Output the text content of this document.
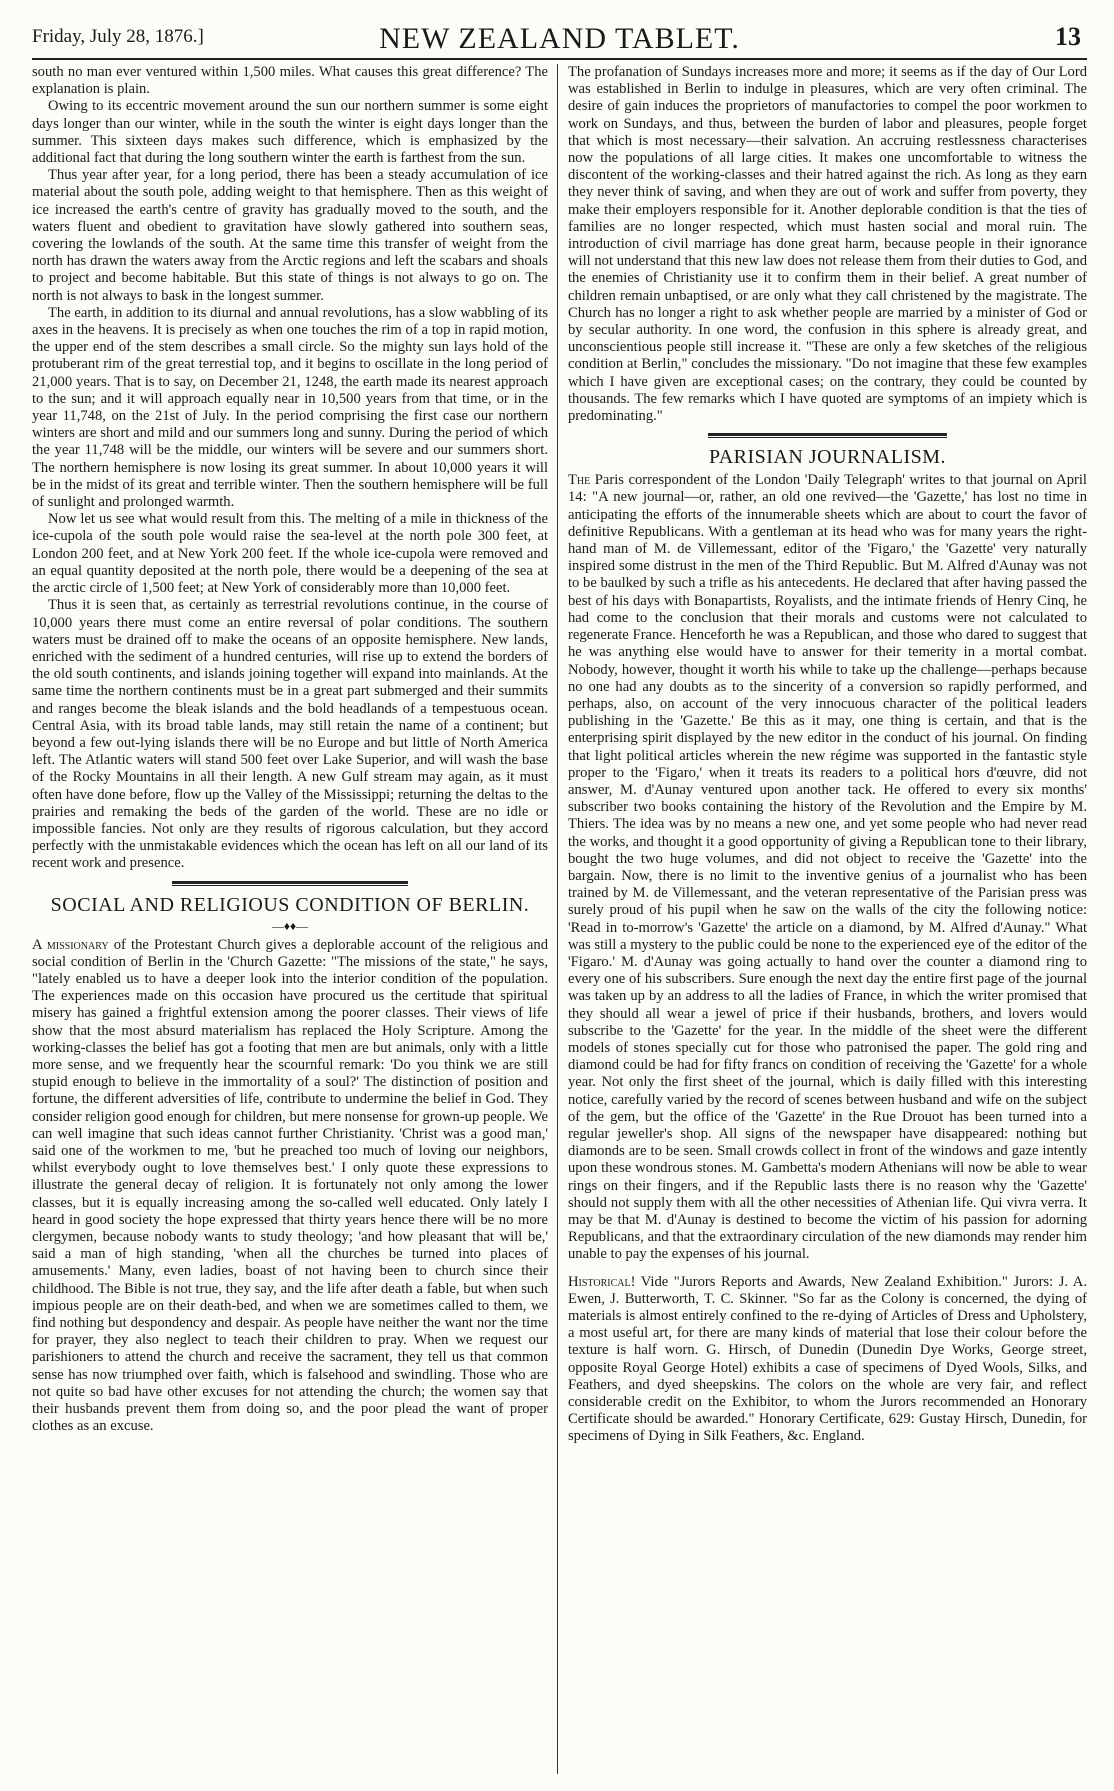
Friday, July 28, 1876.]	NEW ZEALAND TABLET.	13

south no man ever ventured within 1,500 miles. What causes this great difference? The explanation is plain.

Owing to its eccentric movement around the sun our northern summer is some eight days longer than our winter, while in the south the winter is eight days longer than the summer. This sixteen days makes such difference, which is emphasized by the additional fact that during the long southern winter the earth is farthest from the sun.

Thus year after year, for a long period, there has been a steady accumulation of ice material about the south pole, adding weight to that hemisphere. Then as this weight of ice increased the earth's centre of gravity has gradually moved to the south, and the waters fluent and obedient to gravitation have slowly gathered into southern seas, covering the lowlands of the south. At the same time this transfer of weight from the north has drawn the waters away from the Arctic regions and left the scabars and shoals to project and become habitable. But this state of things is not always to go on. The north is not always to bask in the longest summer.

The earth, in addition to its diurnal and annual revolutions, has a slow wabbling of its axes in the heavens. It is precisely as when one touches the rim of a top in rapid motion, the upper end of the stem describes a small circle. So the mighty sun lays hold of the protuberant rim of the great terrestial top, and it begins to oscillate in the long period of 21,000 years. That is to say, on December 21, 1248, the earth made its nearest approach to the sun; and it will approach equally near in 10,500 years from that time, or in the year 11,748, on the 21st of July. In the period comprising the first case our northern winters are short and mild and our summers long and sunny. During the period of which the year 11,748 will be the middle, our winters will be severe and our summers short. The northern hemisphere is now losing its great summer. In about 10,000 years it will be in the midst of its great and terrible winter. Then the southern hemisphere will be full of sunlight and prolonged warmth.

Now let us see what would result from this. The melting of a mile in thickness of the ice-cupola of the south pole would raise the sea-level at the north pole 300 feet, at London 200 feet, and at New York 200 feet. If the whole ice-cupola were removed and an equal quantity deposited at the north pole, there would be a deepening of the sea at the arctic circle of 1,500 feet; at New York of considerably more than 10,000 feet.

Thus it is seen that, as certainly as terrestrial revolutions continue, in the course of 10,000 years there must come an entire reversal of polar conditions. The southern waters must be drained off to make the oceans of an opposite hemisphere. New lands, enriched with the sediment of a hundred centuries, will rise up to extend the borders of the old south continents, and islands joining together will expand into mainlands. At the same time the northern continents must be in a great part submerged and their summits and ranges become the bleak islands and the bold headlands of a tempestuous ocean. Central Asia, with its broad table lands, may still retain the name of a continent; but beyond a few out-lying islands there will be no Europe and but little of North America left. The Atlantic waters will stand 500 feet over Lake Superior, and will wash the base of the Rocky Mountains in all their length. A new Gulf stream may again, as it must often have done before, flow up the Valley of the Mississippi; returning the deltas to the prairies and remaking the beds of the garden of the world. These are no idle or impossible fancies. Not only are they results of rigorous calculation, but they accord perfectly with the unmistakable evidences which the ocean has left on all our land of its recent work and presence.

SOCIAL AND RELIGIOUS CONDITION OF BERLIN.
—♦♦—

A missionary of the Protestant Church gives a deplorable account of the religious and social condition of Berlin in the 'Church Gazette: "The missions of the state," he says, "lately enabled us to have a deeper look into the interior condition of the population. The experiences made on this occasion have procured us the certitude that spiritual misery has gained a frightful extension among the poorer classes. Their views of life show that the most absurd materialism has replaced the Holy Scripture. Among the working-classes the belief has got a footing that men are but animals, only with a little more sense, and we frequently hear the scournful remark: 'Do you think we are still stupid enough to believe in the immortality of a soul?' The distinction of position and fortune, the different adversities of life, contribute to undermine the belief in God. They consider religion good enough for children, but mere nonsense for grown-up people. We can well imagine that such ideas cannot further Christianity. 'Christ was a good man,' said one of the workmen to me, 'but he preached too much of loving our neighbors, whilst everybody ought to love themselves best.' I only quote these expressions to illustrate the general decay of religion. It is fortunately not only among the lower classes, but it is equally increasing among the so-called well educated. Only lately I heard in good society the hope expressed that thirty years hence there will be no more clergymen, because nobody wants to study theology; 'and how pleasant that will be,' said a man of high standing, 'when all the churches be turned into places of amusements.' Many, even ladies, boast of not having been to church since their childhood. The Bible is not true, they say, and the life after death a fable, but when such impious people are on their death-bed, and when we are sometimes called to them, we find nothing but despondency and despair. As people have neither the want nor the time for prayer, they also neglect to teach their children to pray. When we request our parishioners to attend the church and receive the sacrament, they tell us that common sense has now triumphed over faith, which is falsehood and swindling. Those who are not quite so bad have other excuses for not attending the church; the women say that their husbands prevent them from doing so, and the poor plead the want of proper clothes as an excuse.

The profanation of Sundays increases more and more; it seems as if the day of Our Lord was established in Berlin to indulge in pleasures, which are very often criminal. The desire of gain induces the proprietors of manufactories to compel the poor workmen to work on Sundays, and thus, between the burden of labor and pleasures, people forget that which is most necessary—their salvation. An accruing restlessness characterises now the populations of all large cities. It makes one uncomfortable to witness the discontent of the working-classes and their hatred against the rich. As long as they earn they never think of saving, and when they are out of work and suffer from poverty, they make their employers responsible for it. Another deplorable condition is that the ties of families are no longer respected, which must hasten social and moral ruin. The introduction of civil marriage has done great harm, because people in their ignorance will not understand that this new law does not release them from their duties to God, and the enemies of Christianity use it to confirm them in their belief. A great number of children remain unbaptised, or are only what they call christened by the magistrate. The Church has no longer a right to ask whether people are married by a minister of God or by secular authority. In one word, the confusion in this sphere is already great, and unconscientious people still increase it. "These are only a few sketches of the religious condition at Berlin," concludes the missionary. "Do not imagine that these few examples which I have given are exceptional cases; on the contrary, they could be counted by thousands. The few remarks which I have quoted are symptoms of an impiety which is predominating."

PARISIAN JOURNALISM.

The Paris correspondent of the London 'Daily Telegraph' writes to that journal on April 14: "A new journal—or, rather, an old one revived—the 'Gazette,' has lost no time in anticipating the efforts of the innumerable sheets which are about to court the favor of definitive Republicans. With a gentleman at its head who was for many years the right-hand man of M. de Villemessant, editor of the 'Figaro,' the 'Gazette' very naturally inspired some distrust in the men of the Third Republic. But M. Alfred d'Aunay was not to be baulked by such a trifle as his antecedents. He declared that after having passed the best of his days with Bonapartists, Royalists, and the intimate friends of Henry Cinq, he had come to the conclusion that their morals and customs were not calculated to regenerate France. Henceforth he was a Republican, and those who dared to suggest that he was anything else would have to answer for their temerity in a mortal combat. Nobody, however, thought it worth his while to take up the challenge—perhaps because no one had any doubts as to the sincerity of a conversion so rapidly performed, and perhaps, also, on account of the very innocuous character of the political leaders publishing in the 'Gazette.' Be this as it may, one thing is certain, and that is the enterprising spirit displayed by the new editor in the conduct of his journal. On finding that light political articles wherein the new régime was supported in the fantastic style proper to the 'Figaro,' when it treats its readers to a political hors d'œuvre, did not answer, M. d'Aunay ventured upon another tack. He offered to every six months' subscriber two books containing the history of the Revolution and the Empire by M. Thiers. The idea was by no means a new one, and yet some people who had never read the works, and thought it a good opportunity of giving a Republican tone to their library, bought the two huge volumes, and did not object to receive the 'Gazette' into the bargain. Now, there is no limit to the inventive genius of a journalist who has been trained by M. de Villemessant, and the veteran representative of the Parisian press was surely proud of his pupil when he saw on the walls of the city the following notice: 'Read in to-morrow's 'Gazette' the article on a diamond, by M. Alfred d'Aunay." What was still a mystery to the public could be none to the experienced eye of the editor of the 'Figaro.' M. d'Aunay was going actually to hand over the counter a diamond ring to every one of his subscribers. Sure enough the next day the entire first page of the journal was taken up by an address to all the ladies of France, in which the writer promised that they should all wear a jewel of price if their husbands, brothers, and lovers would subscribe to the 'Gazette' for the year. In the middle of the sheet were the different models of stones specially cut for those who patronised the paper. The gold ring and diamond could be had for fifty francs on condition of receiving the 'Gazette' for a whole year. Not only the first sheet of the journal, which is daily filled with this interesting notice, carefully varied by the record of scenes between husband and wife on the subject of the gem, but the office of the 'Gazette' in the Rue Drouot has been turned into a regular jeweller's shop. All signs of the newspaper have disappeared: nothing but diamonds are to be seen. Small crowds collect in front of the windows and gaze intently upon these wondrous stones. M. Gambetta's modern Athenians will now be able to wear rings on their fingers, and if the Republic lasts there is no reason why the 'Gazette' should not supply them with all the other necessities of Athenian life. Qui vivra verra. It may be that M. d'Aunay is destined to become the victim of his passion for adorning Republicans, and that the extraordinary circulation of the new diamonds may render him unable to pay the expenses of his journal.

Historical! Vide "Jurors Reports and Awards, New Zealand Exhibition." Jurors: J. A. Ewen, J. Butterworth, T. C. Skinner. "So far as the Colony is concerned, the dying of materials is almost entirely confined to the re-dying of Articles of Dress and Upholstery, a most useful art, for there are many kinds of material that lose their colour before the texture is half worn. G. Hirsch, of Dunedin (Dunedin Dye Works, George street, opposite Royal George Hotel) exhibits a case of specimens of Dyed Wools, Silks, and Feathers, and dyed sheepskins. The colors on the whole are very fair, and reflect considerable credit on the Exhibitor, to whom the Jurors recommended an Honorary Certificate should be awarded." Honorary Certificate, 629: Gustay Hirsch, Dunedin, for specimens of Dying in Silk Feathers, &c. England.
